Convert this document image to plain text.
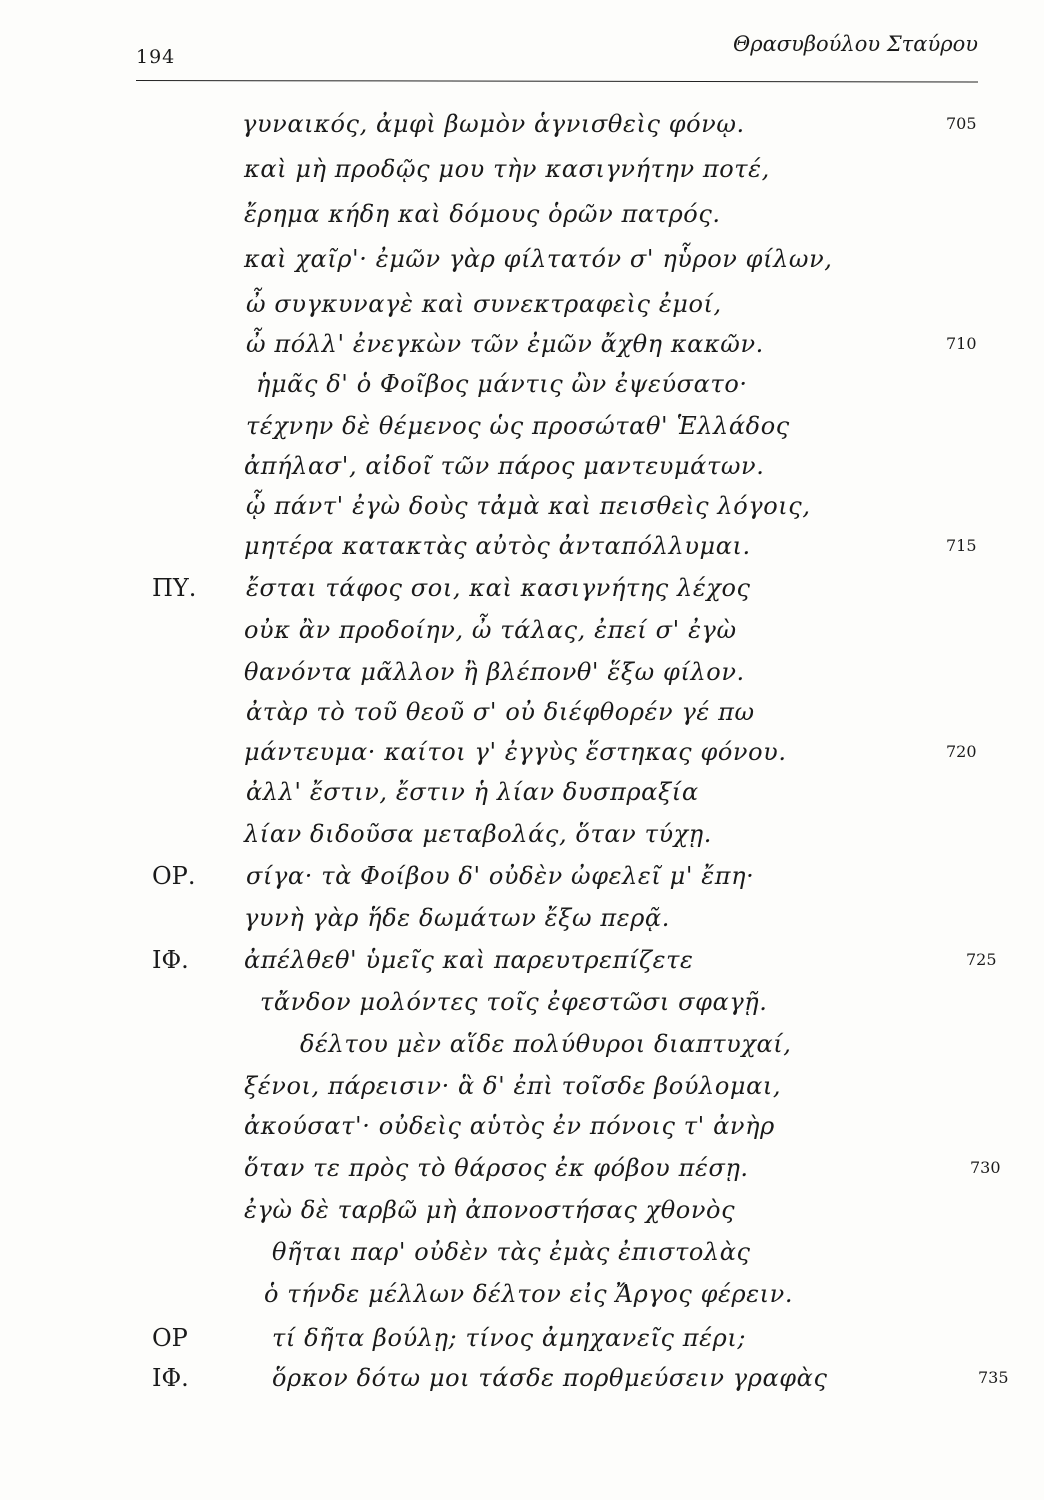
194
Θρασυβούλου Σταύρου
γυναικός, ἀμφὶ βωμὸν ἁγνισθεὶς φόνῳ.	705
καὶ μὴ προδῷς μου τὴν κασιγνήτην ποτέ,
ἔρημα κήδη καὶ δόμους ὁρῶν πατρός.
καὶ χαῖρ'· ἐμῶν γὰρ φίλτατόν σ' ηὗρον φίλων,
ὦ συγκυναγὲ καὶ συνεκτραφεὶς ἐμοί,
ὦ πόλλ' ἐνεγκὼν τῶν ἐμῶν ἄχθη κακῶν.	710
ἡμᾶς δ' ὁ Φοῖβος μάντις ὢν ἐψεύσατο·
τέχνην δὲ θέμενος ὡς προσώταθ' Ἑλλάδος
ἀπήλασ', αἰδοῖ τῶν πάρος μαντευμάτων.
ᾧ πάντ' ἐγὼ δοὺς τἀμὰ καὶ πεισθεὶς λόγοις,
μητέρα κατακτὰς αὐτὸς ἀνταπόλλυμαι.	715
ΠΥ. ἔσται τάφος σοι, καὶ κασιγνήτης λέχος
οὐκ ἂν προδοίην, ὦ τάλας, ἐπεί σ' ἐγὼ
θανόντα μᾶλλον ἢ βλέπονθ' ἕξω φίλον.
ἀτὰρ τὸ τοῦ θεοῦ σ' οὐ διέφθορέν γέ πω
μάντευμα· καίτοι γ' ἐγγὺς ἕστηκας φόνου.	720
ἀλλ' ἔστιν, ἔστιν ἡ λίαν δυσπραξία
λίαν διδοῦσα μεταβολάς, ὅταν τύχῃ.
ΟΡ. σίγα· τὰ Φοίβου δ' οὐδὲν ὠφελεῖ μ' ἔπη·
γυνὴ γὰρ ἥδε δωμάτων ἔξω περᾷ.
ΙΦ. ἀπέλθεθ' ὑμεῖς καὶ παρευτρεπίζετε	725
τἄνδον μολόντες τοῖς ἐφεστῶσι σφαγῇ.
δέλτου μὲν αἵδε πολύθυροι διαπτυχαί,
ξένοι, πάρεισιν· ἃ δ' ἐπὶ τοῖσδε βούλομαι,
ἀκούσατ'· οὐδεὶς αὑτὸς ἐν πόνοις τ' ἀνὴρ
ὅταν τε πρὸς τὸ θάρσος ἐκ φόβου πέσῃ.	730
ἐγὼ δὲ ταρβῶ μὴ ἀπονοστήσας χθονὸς
θῆται παρ' οὐδὲν τὰς ἐμὰς ἐπιστολὰς
ὁ τήνδε μέλλων δέλτον εἰς Ἄργος φέρειν.
ΟΡ	τί δῆτα βούλῃ; τίνος ἀμηχανεῖς πέρι;
ΙΦ.	ὅρκον δότω μοι τάσδε πορθμεύσειν γραφὰς	735
